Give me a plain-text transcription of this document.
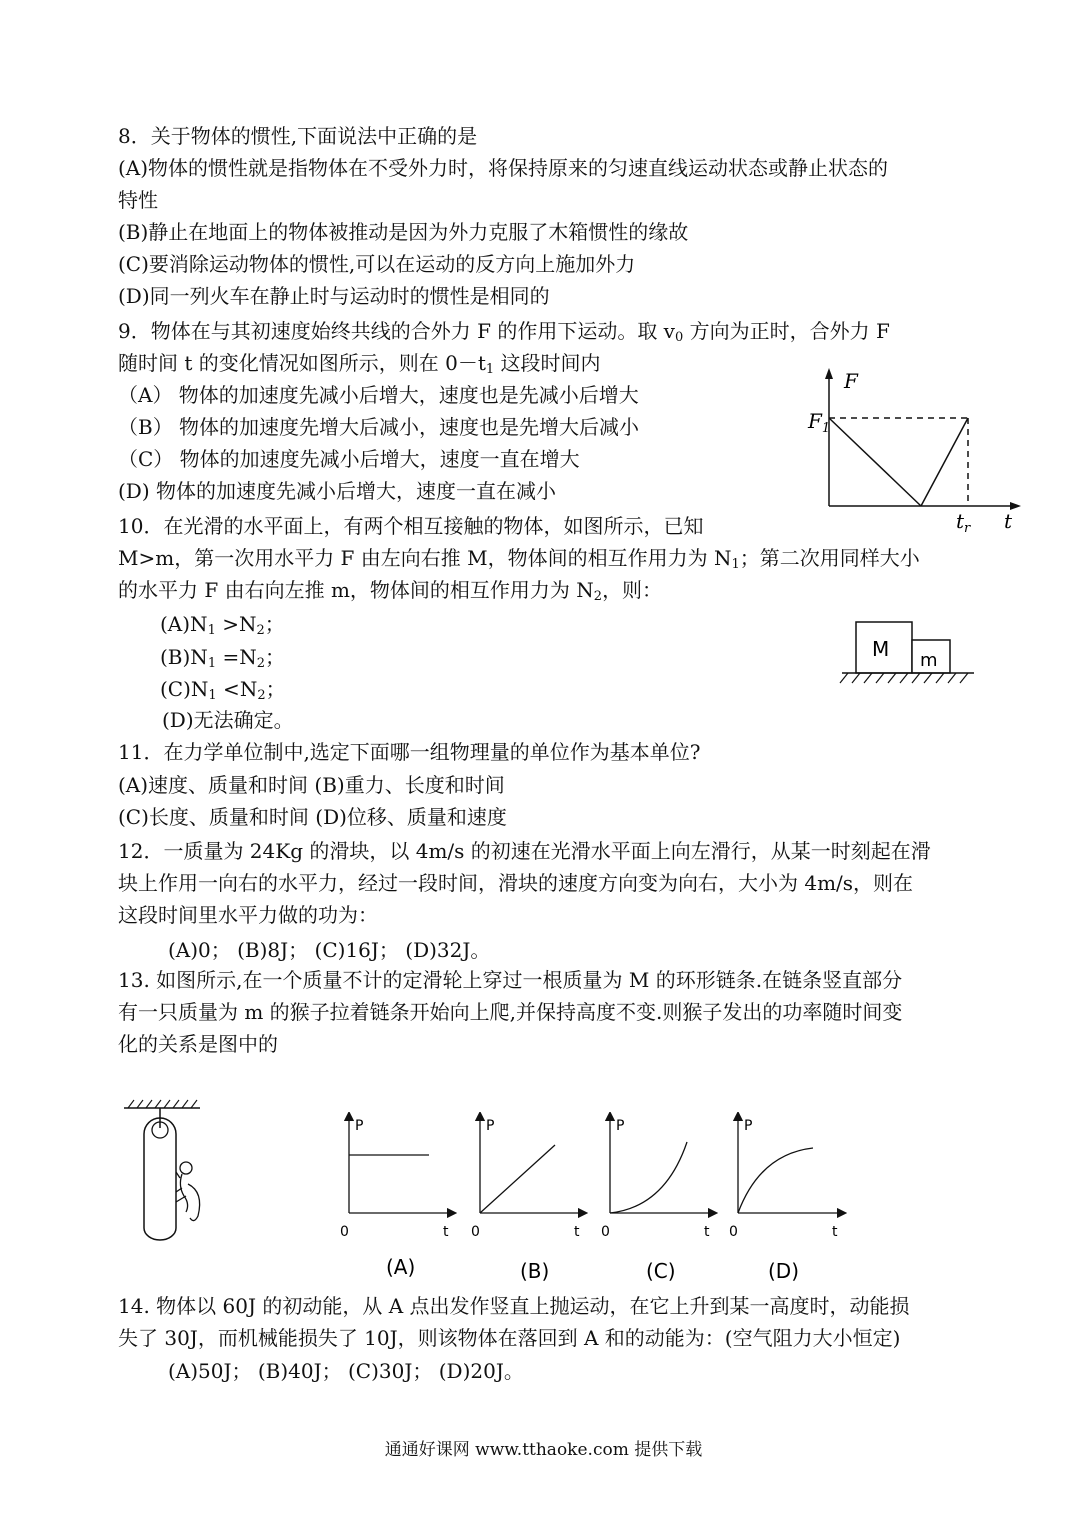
8．关于物体的惯性,下面说法中正确的是
(A)物体的惯性就是指物体在不受外力时，将保持原来的匀速直线运动状态或静止状态的
特性
(B)静止在地面上的物体被推动是因为外力克服了木箱惯性的缘故
(C)要消除运动物体的惯性,可以在运动的反方向上施加外力
(D)同一列火车在静止时与运动时的惯性是相同的
9．物体在与其初速度始终共线的合外力 F 的作用下运动。取 $v_0$ 方向为正时，合外力 F
随时间 t 的变化情况如图所示，则在 $0-t_1$ 这段时间内
（A） 物体的加速度先减小后增大，速度也是先减小后增大
（B） 物体的加速度先增大后减小，速度也是先增大后减小
（C） 物体的加速度先减小后增大，速度一直在增大
(D) 物体的加速度先减小后增大，速度一直在减小
F
$F_1$
$t_r$ t
10．在光滑的水平面上，有两个相互接触的物体，如图所示，已知
M>m，第一次用水平力 F 由左向右推 M，物体间的相互作用力为 $N_1$；第二次用同样大小
的水平力 F 由右向左推 m，物体间的相互作用力为 $N_2$，则：
$(A)N_1 >N_2$；
$(B)N_1 =N_2$；
$(C)N_1 <N_2$；
(D)无法确定。
M m
11．在力学单位制中,选定下面哪一组物理量的单位作为基本单位?
(A)速度、质量和时间 (B)重力、长度和时间
(C)长度、质量和时间 (D)位移、质量和速度
12．一质量为 24Kg 的滑块，以 4m/s 的初速在光滑水平面上向左滑行，从某一时刻起在滑
块上作用一向右的水平力，经过一段时间，滑块的速度方向变为向右，大小为 4m/s，则在
这段时间里水平力做的功为：
(A)0； (B)8J； (C)16J； (D)32J。
13. 如图所示,在一个质量不计的定滑轮上穿过一根质量为 M 的环形链条.在链条竖直部分
有一只质量为 m 的猴子拉着链条开始向上爬,并保持高度不变.则猴子发出的功率随时间变
化的关系是图中的
P
0	t
(A)
P
0	t
(B)
P
0	t
(C)
P
0	t
(D)
14. 物体以 60J 的初动能，从 A 点出发作竖直上抛运动，在它上升到某一高度时，动能损
失了 30J，而机械能损失了 10J，则该物体在落回到 A 和的动能为：(空气阻力大小恒定)
(A)50J； (B)40J； (C)30J； (D)20J。
通通好课网 www.tthaoke.com 提供下载
